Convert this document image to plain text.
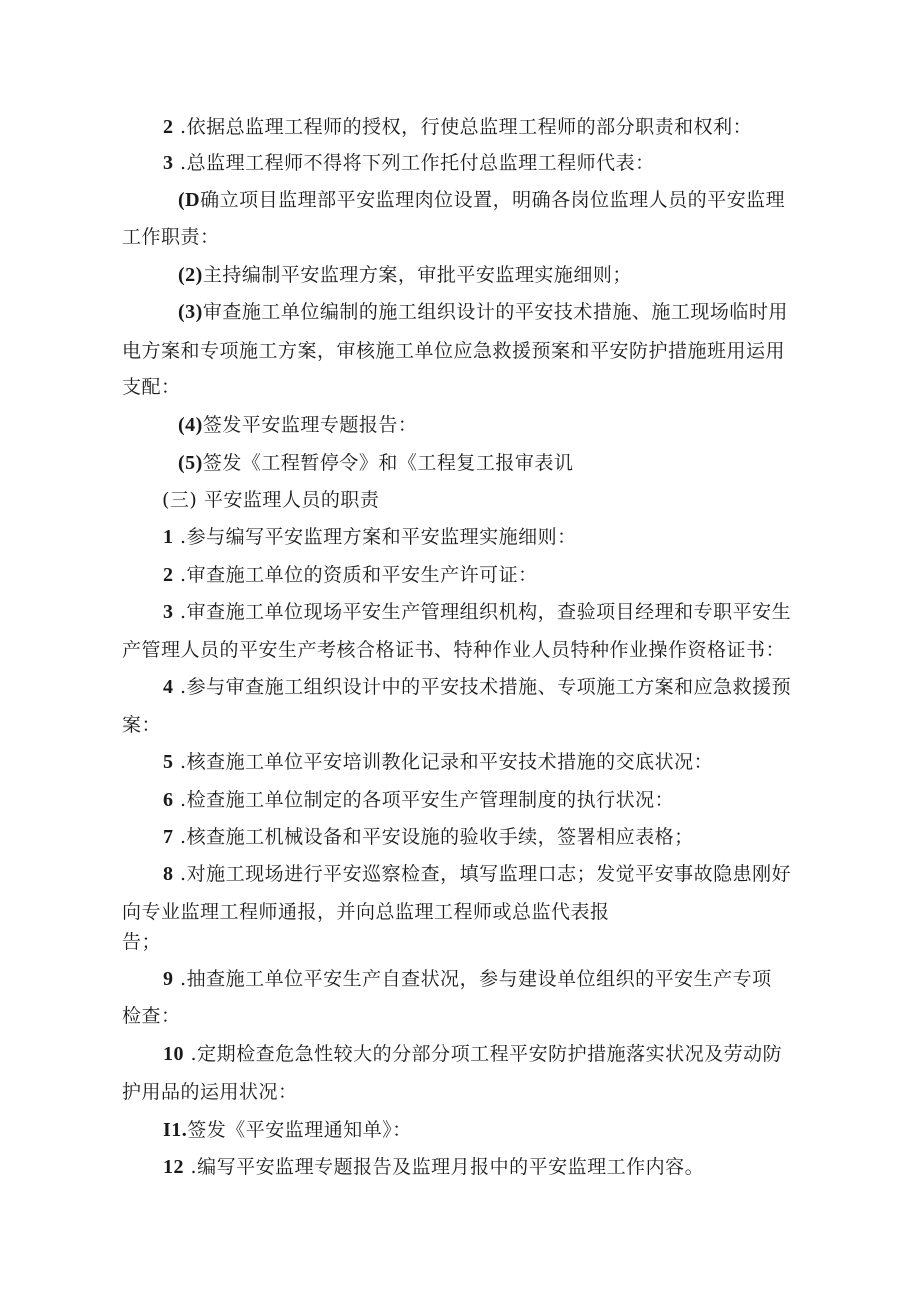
2 .依据总监理工程师的授权，行使总监理工程师的部分职责和权利：

3 .总监理工程师不得将下列工作托付总监理工程师代表：

(D确立项目监理部平安监理肉位设置，明确各岗位监理人员的平安监理

工作职责：

(2)主持编制平安监理方案，审批平安监理实施细则；

(3)审查施工单位编制的施工组织设计的平安技术措施、施工现场临时用

电方案和专项施工方案，审核施工单位应急救援预案和平安防护措施班用运用

支配：

(4)签发平安监理专题报告：

(5)签发《工程暂停令》和《工程复工报审表讥

(三) 平安监理人员的职责

1 .参与编写平安监理方案和平安监理实施细则：

2 .审查施工单位的资质和平安生产许可证：

3 .审查施工单位现场平安生产管理组织机构，查验项目经理和专职平安生

产管理人员的平安生产考核合格证书、特种作业人员特种作业操作资格证书：

4 .参与审查施工组织设计中的平安技术措施、专项施工方案和应急救援预

案：

5 .核查施工单位平安培训教化记录和平安技术措施的交底状况：

6 .检查施工单位制定的各项平安生产管理制度的执行状况：

7 .核查施工机械设备和平安设施的验收手续，签署相应表格；

8 .对施工现场进行平安巡察检查，填写监理口志；发觉平安事故隐患刚好

向专业监理工程师通报，并向总监理工程师或总监代表报

告；

9 .抽查施工单位平安生产自查状况，参与建设单位组织的平安生产专项

检查：

10 .定期检查危急性较大的分部分项工程平安防护措施落实状况及劳动防

护用品的运用状况：

I1.签发《平安监理通知单》：

12 .编写平安监理专题报告及监理月报中的平安监理工作内容。
